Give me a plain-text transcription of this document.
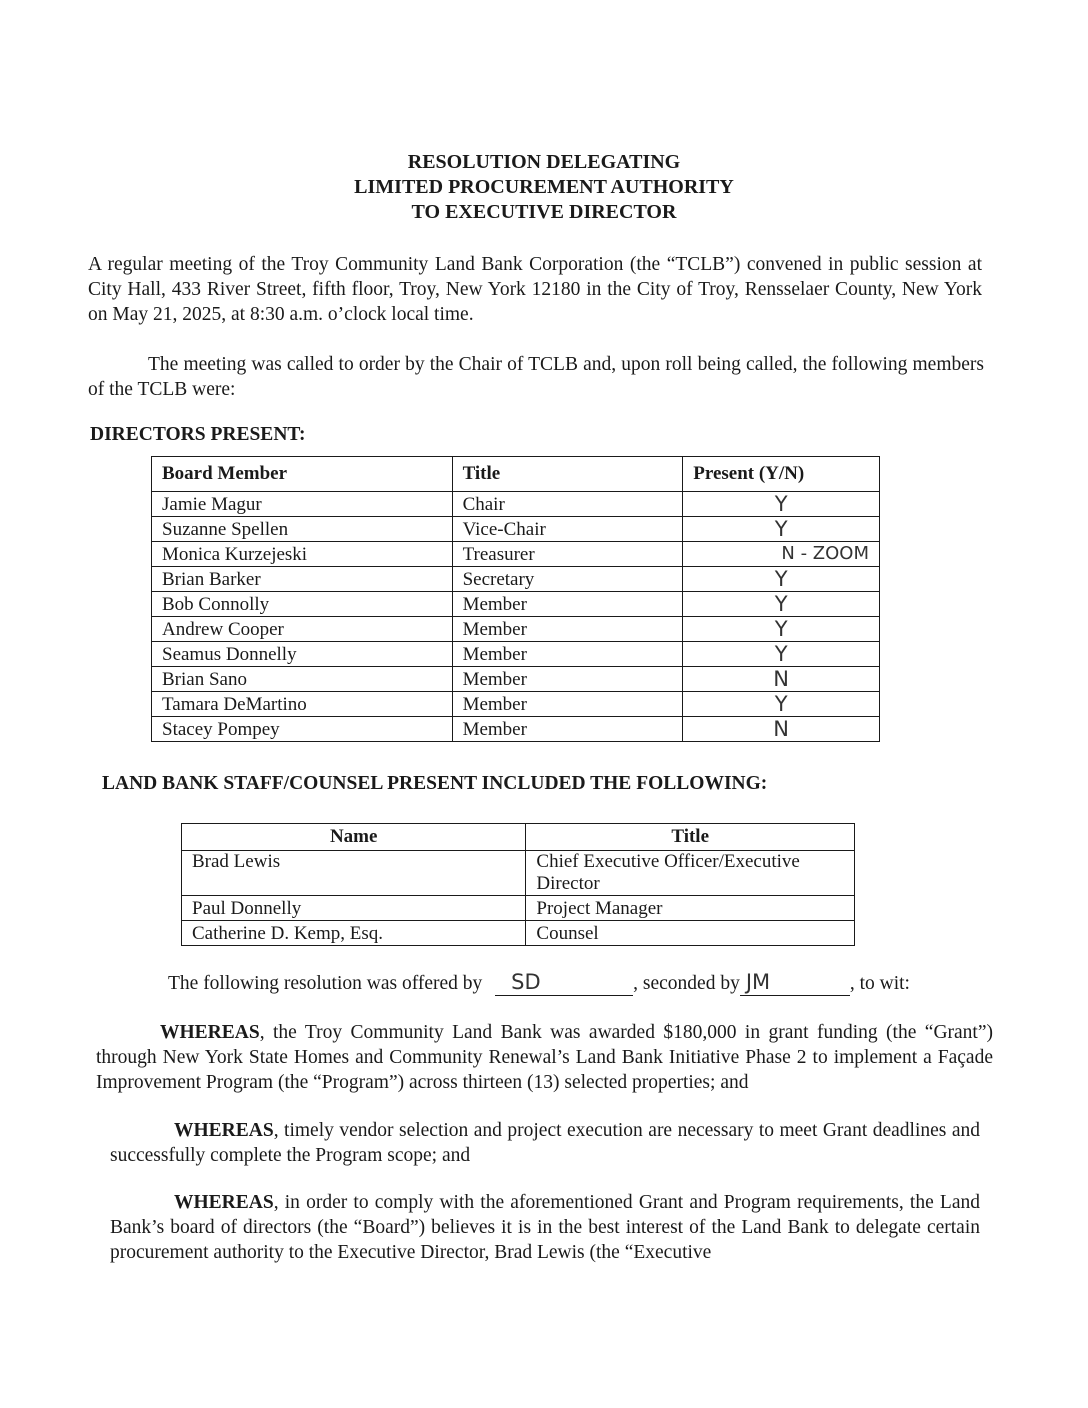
RESOLUTION DELEGATING
LIMITED PROCUREMENT AUTHORITY
TO EXECUTIVE DIRECTOR
A regular meeting of the Troy Community Land Bank Corporation (the “TCLB”) convened in public session at City Hall, 433 River Street, fifth floor, Troy, New York 12180 in the City of Troy, Rensselaer County, New York on May 21, 2025, at 8:30 a.m. o’clock local time.
The meeting was called to order by the Chair of TCLB and, upon roll being called, the following members of the TCLB were:
DIRECTORS PRESENT:
Board Member	Title	Present (Y/N)
Jamie Magur	Chair	Y
Suzanne Spellen	Vice-Chair	Y
Monica Kurzejeski	Treasurer	N - ZOOM
Brian Barker	Secretary	Y
Bob Connolly	Member	Y
Andrew Cooper	Member	Y
Seamus Donnelly	Member	Y
Brian Sano	Member	N
Tamara DeMartino	Member	Y
Stacey Pompey	Member	N
LAND BANK STAFF/COUNSEL PRESENT INCLUDED THE FOLLOWING:
Name	Title
Brad Lewis	Chief Executive Officer/Executive Director
Paul Donnelly	Project Manager
Catherine D. Kemp, Esq.	Counsel
The following resolution was offered by SD	, seconded by JM	, to wit:
WHEREAS, the Troy Community Land Bank was awarded $180,000 in grant funding (the “Grant”) through New York State Homes and Community Renewal’s Land Bank Initiative Phase 2 to implement a Façade Improvement Program (the “Program”) across thirteen (13) selected properties; and
WHEREAS, timely vendor selection and project execution are necessary to meet Grant deadlines and successfully complete the Program scope; and
WHEREAS, in order to comply with the aforementioned Grant and Program requirements, the Land Bank’s board of directors (the “Board”) believes it is in the best interest of the Land Bank to delegate certain procurement authority to the Executive Director, Brad Lewis (the “Executive
